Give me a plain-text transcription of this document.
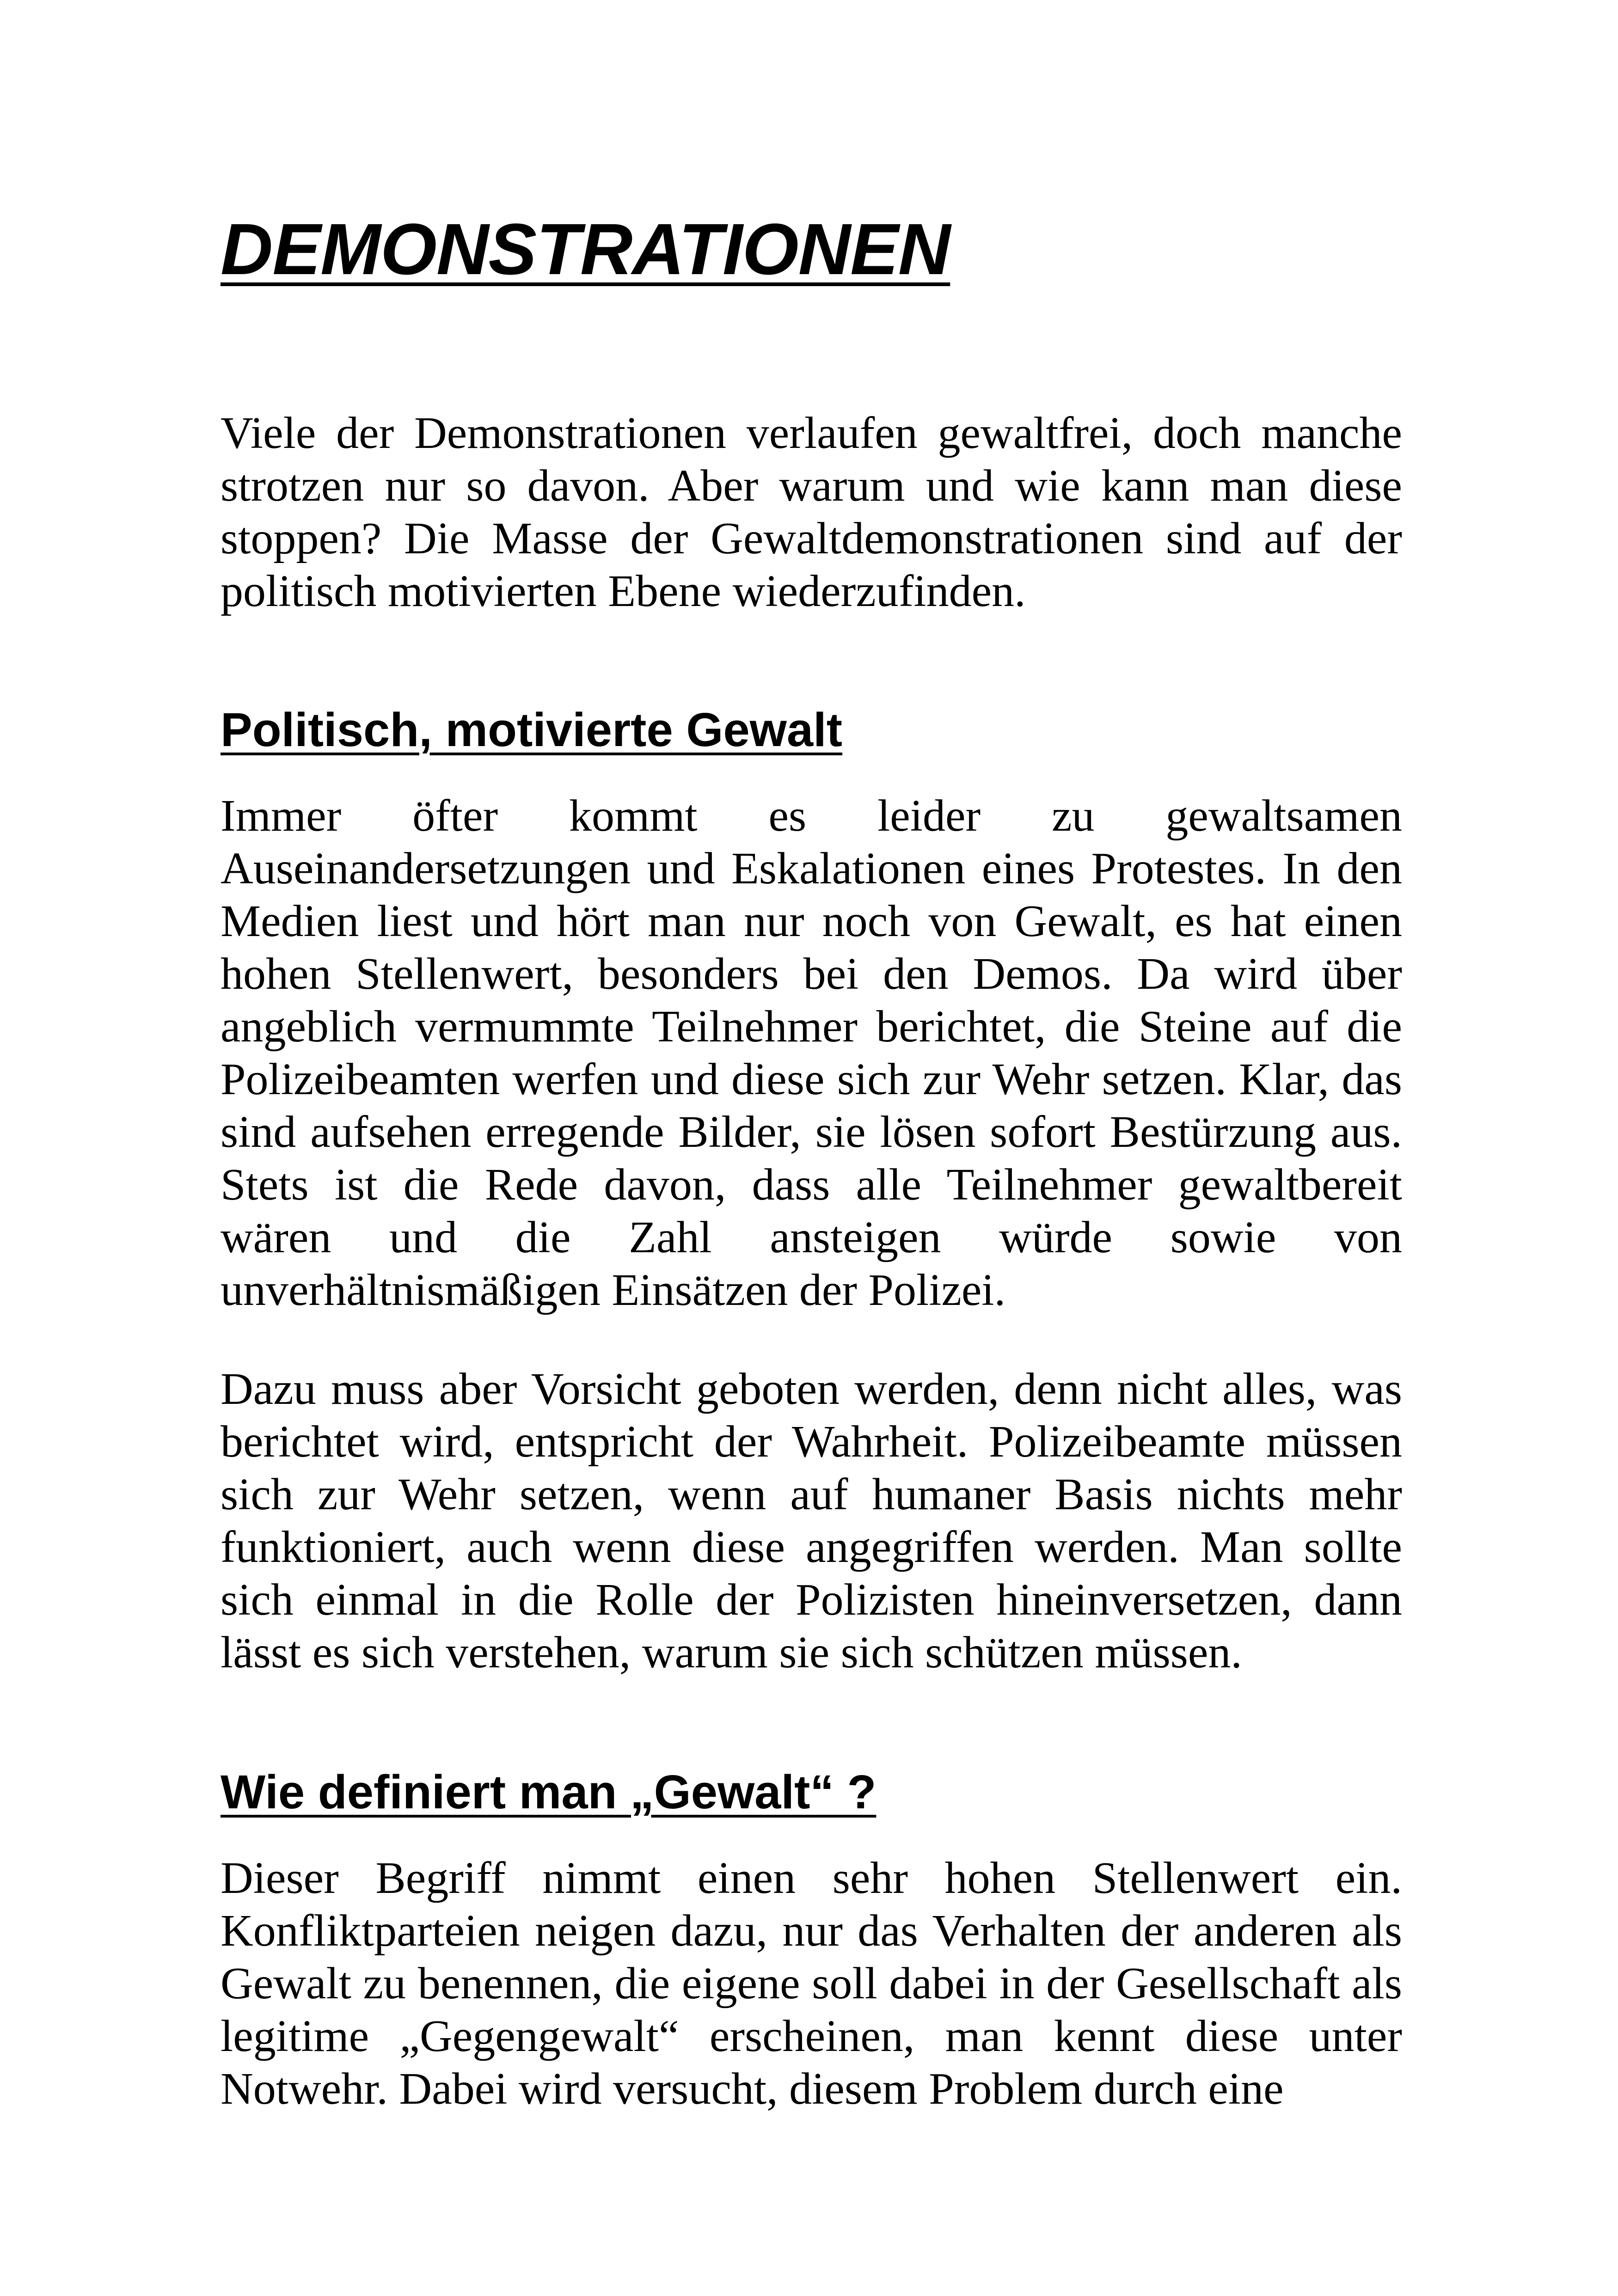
DEMONSTRATIONEN

Viele der Demonstrationen verlaufen gewaltfrei, doch manche strotzen nur so davon. Aber warum und wie kann man diese stoppen? Die Masse der Gewaltdemonstrationen sind auf der politisch motivierten Ebene wiederzufinden.

Politisch, motivierte Gewalt

Immer öfter kommt es leider zu gewaltsamen Auseinandersetzungen und Eskalationen eines Protestes. In den Medien liest und hört man nur noch von Gewalt, es hat einen hohen Stellenwert, besonders bei den Demos. Da wird über angeblich vermummte Teilnehmer berichtet, die Steine auf die Polizeibeamten werfen und diese sich zur Wehr setzen. Klar, das sind aufsehen erregende Bilder, sie lösen sofort Bestürzung aus. Stets ist die Rede davon, dass alle Teilnehmer gewaltbereit wären und die Zahl ansteigen würde sowie von unverhältnismäßigen Einsätzen der Polizei.

Dazu muss aber Vorsicht geboten werden, denn nicht alles, was berichtet wird, entspricht der Wahrheit. Polizeibeamte müssen sich zur Wehr setzen, wenn auf humaner Basis nichts mehr funktioniert, auch wenn diese angegriffen werden. Man sollte sich einmal in die Rolle der Polizisten hineinversetzen, dann lässt es sich verstehen, warum sie sich schützen müssen.

Wie definiert man „Gewalt“ ?

Dieser Begriff nimmt einen sehr hohen Stellenwert ein. Konfliktparteien neigen dazu, nur das Verhalten der anderen als Gewalt zu benennen, die eigene soll dabei in der Gesellschaft als legitime „Gegengewalt“ erscheinen, man kennt diese unter Notwehr. Dabei wird versucht, diesem Problem durch eine
